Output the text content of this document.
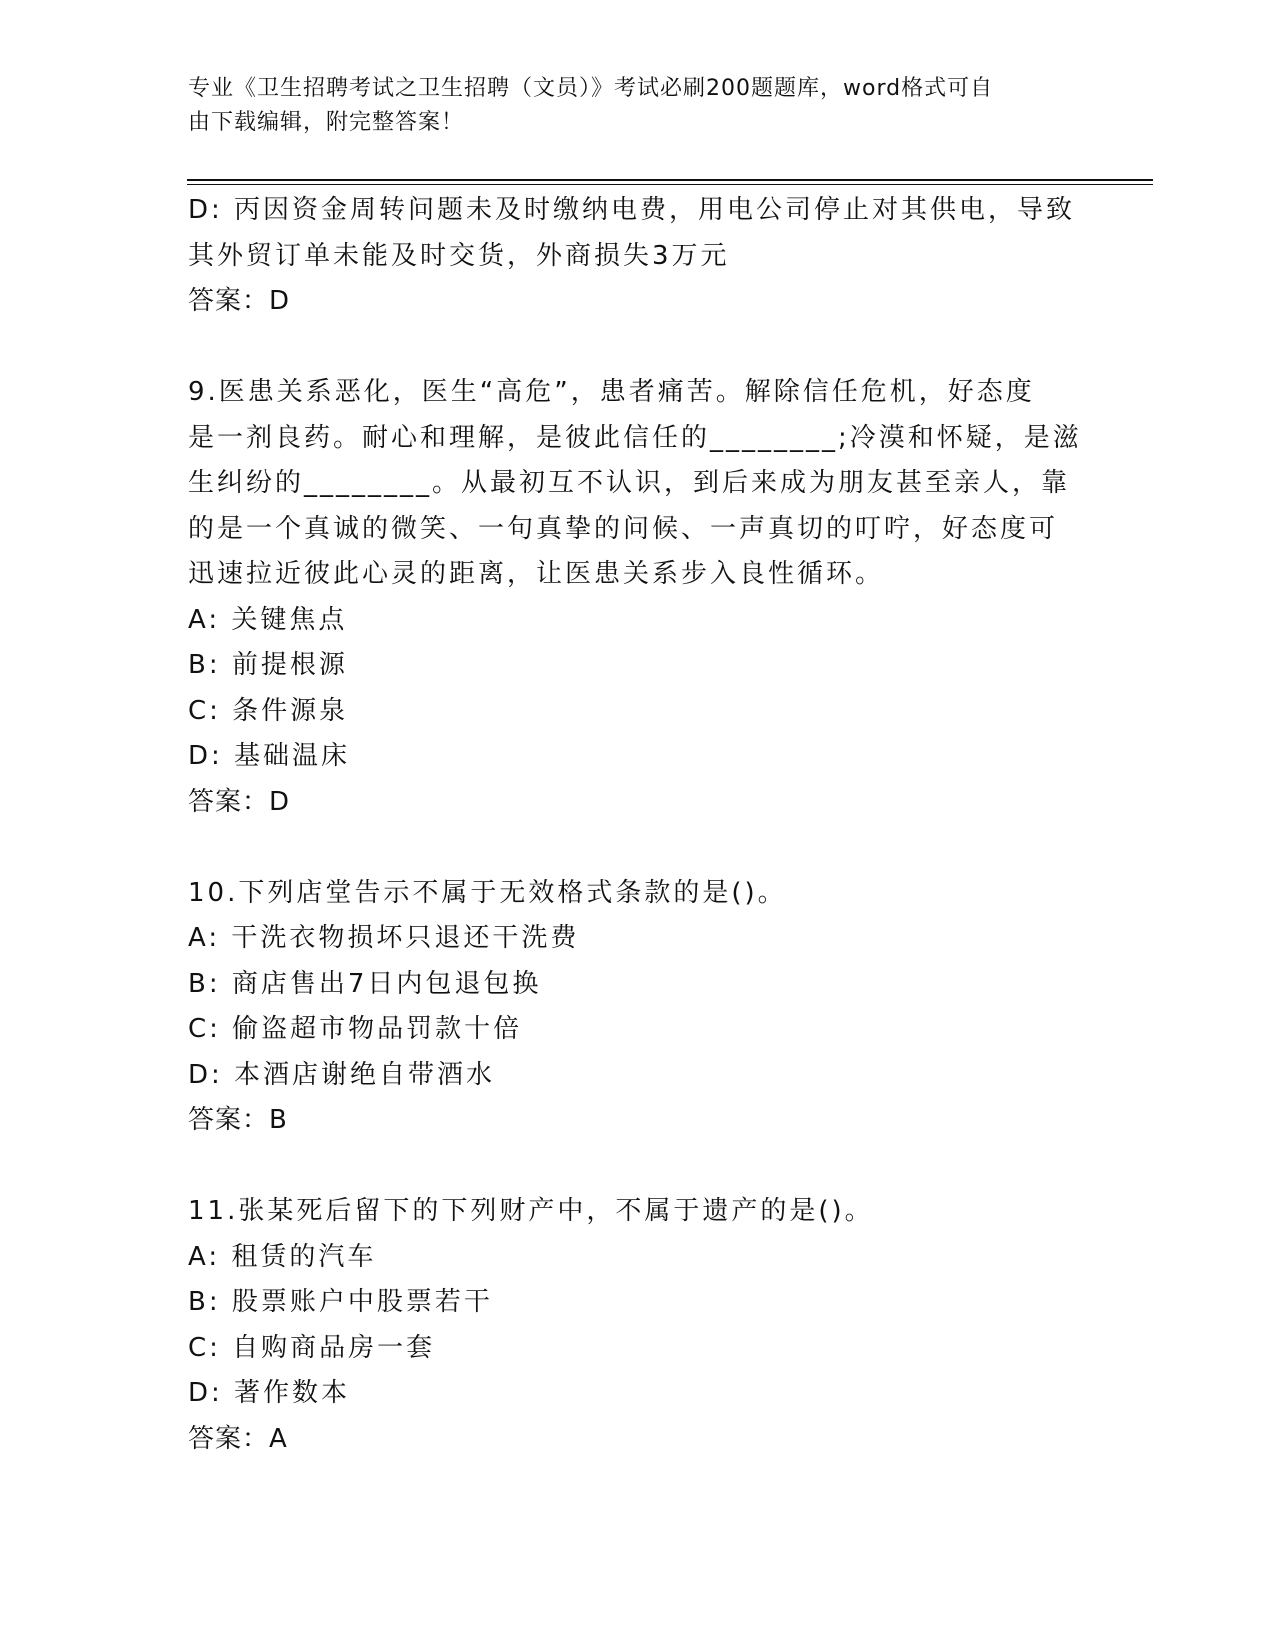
专业《卫生招聘考试之卫生招聘（文员）》考试必刷200题题库，word格式可自
由下载编辑，附完整答案！
D: 丙因资金周转问题未及时缴纳电费，用电公司停止对其供电，导致
其外贸订单未能及时交货，外商损失3万元
答案：D
9.医患关系恶化，医生“高危”，患者痛苦。解除信任危机，好态度
是一剂良药。耐心和理解，是彼此信任的________;冷漠和怀疑，是滋
生纠纷的________。从最初互不认识，到后来成为朋友甚至亲人，靠
的是一个真诚的微笑、一句真挚的问候、一声真切的叮咛，好态度可
迅速拉近彼此心灵的距离，让医患关系步入良性循环。
A: 关键焦点
B: 前提根源
C: 条件源泉
D: 基础温床
答案：D
10.下列店堂告示不属于无效格式条款的是()。
A: 干洗衣物损坏只退还干洗费
B: 商店售出7日内包退包换
C: 偷盗超市物品罚款十倍
D: 本酒店谢绝自带酒水
答案：B
11.张某死后留下的下列财产中，不属于遗产的是()。
A: 租赁的汽车
B: 股票账户中股票若干
C: 自购商品房一套
D: 著作数本
答案：A
